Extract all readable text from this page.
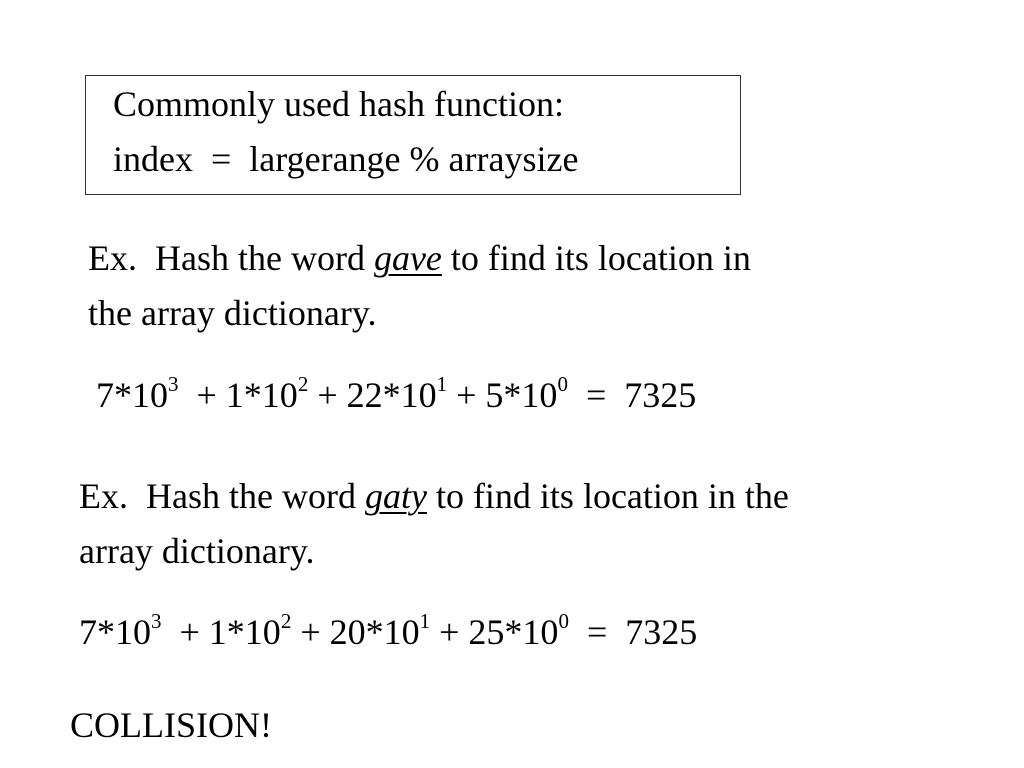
Commonly used hash function:
index  =  largerange % arraysize
Ex.  Hash the word gave to find its location in
the array dictionary.
$7*10^3 + 1*10^2 + 22*10^1 + 5*10^0 = 7325$
Ex.  Hash the word gaty to find its location in the
array dictionary.
$7*10^3 + 1*10^2 + 20*10^1 + 25*10^0 = 7325$
COLLISION!
